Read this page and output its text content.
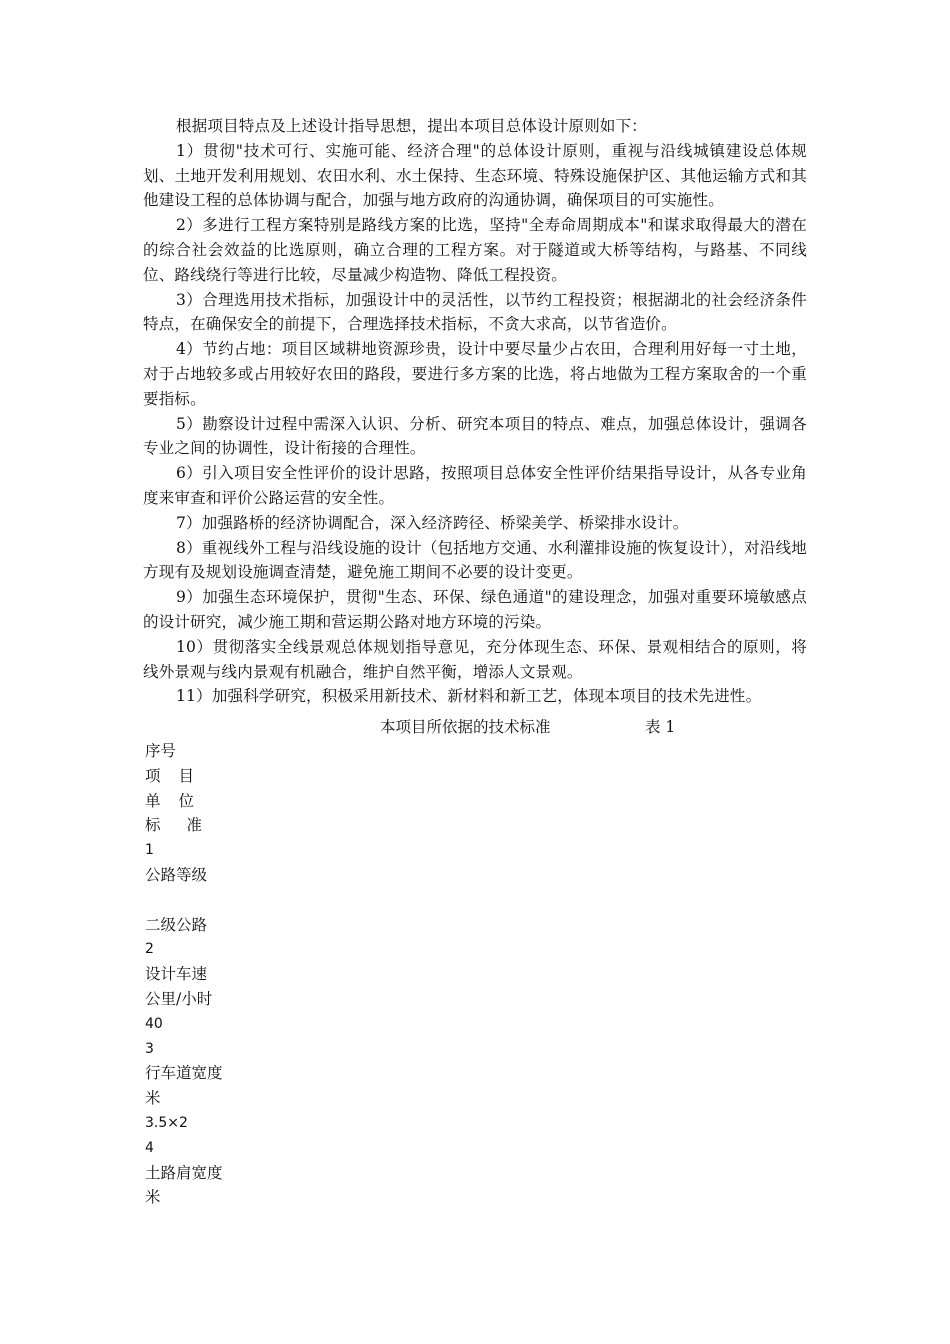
根据项目特点及上述设计指导思想，提出本项目总体设计原则如下：

1）贯彻"技术可行、实施可能、经济合理"的总体设计原则，重视与沿线城镇建设总体规划、土地开发利用规划、农田水利、水土保持、生态环境、特殊设施保护区、其他运输方式和其他建设工程的总体协调与配合，加强与地方政府的沟通协调，确保项目的可实施性。

2）多进行工程方案特别是路线方案的比选，坚持"全寿命周期成本"和谋求取得最大的潜在的综合社会效益的比选原则，确立合理的工程方案。对于隧道或大桥等结构，与路基、不同线位、路线绕行等进行比较，尽量减少构造物、降低工程投资。

3）合理选用技术指标，加强设计中的灵活性，以节约工程投资；根据湖北的社会经济条件特点，在确保安全的前提下，合理选择技术指标，不贪大求高，以节省造价。

4）节约占地：项目区域耕地资源珍贵，设计中要尽量少占农田，合理利用好每一寸土地，对于占地较多或占用较好农田的路段，要进行多方案的比选，将占地做为工程方案取舍的一个重要指标。

5）勘察设计过程中需深入认识、分析、研究本项目的特点、难点，加强总体设计，强调各专业之间的协调性，设计衔接的合理性。

6）引入项目安全性评价的设计思路，按照项目总体安全性评价结果指导设计，从各专业角度来审查和评价公路运营的安全性。

7）加强路桥的经济协调配合，深入经济跨径、桥梁美学、桥梁排水设计。

8）重视线外工程与沿线设施的设计（包括地方交通、水利灌排设施的恢复设计），对沿线地方现有及规划设施调查清楚，避免施工期间不必要的设计变更。

9）加强生态环境保护，贯彻"生态、环保、绿色通道"的建设理念，加强对重要环境敏感点的设计研究，减少施工期和营运期公路对地方环境的污染。

10）贯彻落实全线景观总体规划指导意见，充分体现生态、环保、景观相结合的原则，将线外景观与线内景观有机融合，维护自然平衡，增添人文景观。

11）加强科学研究，积极采用新技术、新材料和新工艺，体现本项目的技术先进性。

本项目所依据的技术标准	表 1
序号
项目
单位
标准
1
公路等级
二级公路
2
设计车速
公里/小时
40
3
行车道宽度
米
3.5×2
4
土路肩宽度
米
